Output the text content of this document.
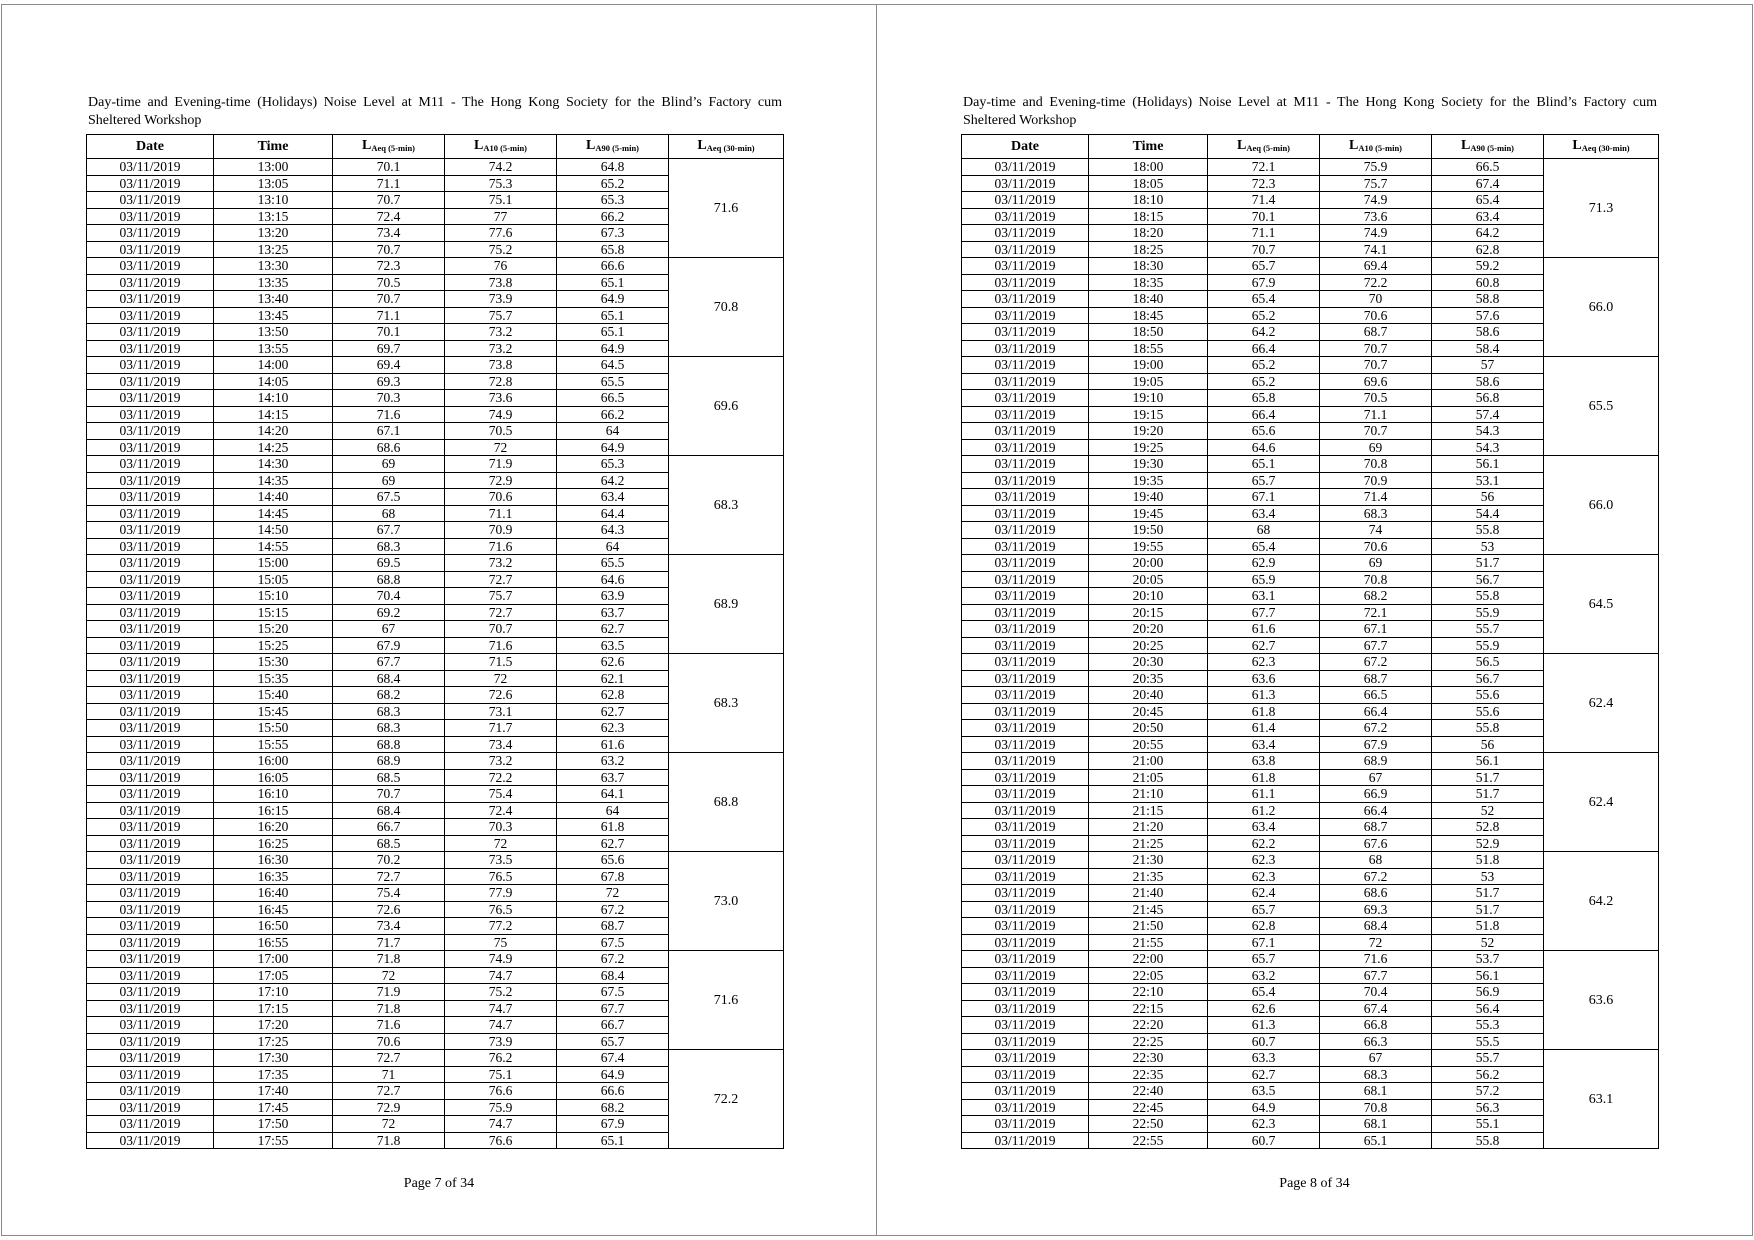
Day-time and Evening-time (Holidays) Noise Level at M11 - The Hong Kong Society for the Blind’s Factory cum
Sheltered Workshop
Date	Time	$L_{Aeq (5-min)}$	$L_{A10 (5-min)}$	$L_{A90 (5-min)}$	$L_{Aeq (30-min)}$
03/11/2019	13:00	70.1	74.2	64.8	71.6
03/11/2019	13:05	71.1	75.3	65.2	
03/11/2019	13:10	70.7	75.1	65.3	
03/11/2019	13:15	72.4	77	66.2	
03/11/2019	13:20	73.4	77.6	67.3	
03/11/2019	13:25	70.7	75.2	65.8	
03/11/2019	13:30	72.3	76	66.6	70.8
03/11/2019	13:35	70.5	73.8	65.1	
03/11/2019	13:40	70.7	73.9	64.9	
03/11/2019	13:45	71.1	75.7	65.1	
03/11/2019	13:50	70.1	73.2	65.1	
03/11/2019	13:55	69.7	73.2	64.9	
03/11/2019	14:00	69.4	73.8	64.5	69.6
03/11/2019	14:05	69.3	72.8	65.5	
03/11/2019	14:10	70.3	73.6	66.5	
03/11/2019	14:15	71.6	74.9	66.2	
03/11/2019	14:20	67.1	70.5	64	
03/11/2019	14:25	68.6	72	64.9	
03/11/2019	14:30	69	71.9	65.3	68.3
03/11/2019	14:35	69	72.9	64.2	
03/11/2019	14:40	67.5	70.6	63.4	
03/11/2019	14:45	68	71.1	64.4	
03/11/2019	14:50	67.7	70.9	64.3	
03/11/2019	14:55	68.3	71.6	64	
03/11/2019	15:00	69.5	73.2	65.5	68.9
03/11/2019	15:05	68.8	72.7	64.6	
03/11/2019	15:10	70.4	75.7	63.9	
03/11/2019	15:15	69.2	72.7	63.7	
03/11/2019	15:20	67	70.7	62.7	
03/11/2019	15:25	67.9	71.6	63.5	
03/11/2019	15:30	67.7	71.5	62.6	68.3
03/11/2019	15:35	68.4	72	62.1	
03/11/2019	15:40	68.2	72.6	62.8	
03/11/2019	15:45	68.3	73.1	62.7	
03/11/2019	15:50	68.3	71.7	62.3	
03/11/2019	15:55	68.8	73.4	61.6	
03/11/2019	16:00	68.9	73.2	63.2	68.8
03/11/2019	16:05	68.5	72.2	63.7	
03/11/2019	16:10	70.7	75.4	64.1	
03/11/2019	16:15	68.4	72.4	64	
03/11/2019	16:20	66.7	70.3	61.8	
03/11/2019	16:25	68.5	72	62.7	
03/11/2019	16:30	70.2	73.5	65.6	73.0
03/11/2019	16:35	72.7	76.5	67.8	
03/11/2019	16:40	75.4	77.9	72	
03/11/2019	16:45	72.6	76.5	67.2	
03/11/2019	16:50	73.4	77.2	68.7	
03/11/2019	16:55	71.7	75	67.5	
03/11/2019	17:00	71.8	74.9	67.2	71.6
03/11/2019	17:05	72	74.7	68.4	
03/11/2019	17:10	71.9	75.2	67.5	
03/11/2019	17:15	71.8	74.7	67.7	
03/11/2019	17:20	71.6	74.7	66.7	
03/11/2019	17:25	70.6	73.9	65.7	
03/11/2019	17:30	72.7	76.2	67.4	72.2
03/11/2019	17:35	71	75.1	64.9	
03/11/2019	17:40	72.7	76.6	66.6	
03/11/2019	17:45	72.9	75.9	68.2	
03/11/2019	17:50	72	74.7	67.9	
03/11/2019	17:55	71.8	76.6	65.1	
Page 7 of 34
Day-time and Evening-time (Holidays) Noise Level at M11 - The Hong Kong Society for the Blind’s Factory cum
Sheltered Workshop
Date	Time	$L_{Aeq (5-min)}$	$L_{A10 (5-min)}$	$L_{A90 (5-min)}$	$L_{Aeq (30-min)}$
03/11/2019	18:00	72.1	75.9	66.5	71.3
03/11/2019	18:05	72.3	75.7	67.4	
03/11/2019	18:10	71.4	74.9	65.4	
03/11/2019	18:15	70.1	73.6	63.4	
03/11/2019	18:20	71.1	74.9	64.2	
03/11/2019	18:25	70.7	74.1	62.8	
03/11/2019	18:30	65.7	69.4	59.2	66.0
03/11/2019	18:35	67.9	72.2	60.8	
03/11/2019	18:40	65.4	70	58.8	
03/11/2019	18:45	65.2	70.6	57.6	
03/11/2019	18:50	64.2	68.7	58.6	
03/11/2019	18:55	66.4	70.7	58.4	
03/11/2019	19:00	65.2	70.7	57	65.5
03/11/2019	19:05	65.2	69.6	58.6	
03/11/2019	19:10	65.8	70.5	56.8	
03/11/2019	19:15	66.4	71.1	57.4	
03/11/2019	19:20	65.6	70.7	54.3	
03/11/2019	19:25	64.6	69	54.3	
03/11/2019	19:30	65.1	70.8	56.1	66.0
03/11/2019	19:35	65.7	70.9	53.1	
03/11/2019	19:40	67.1	71.4	56	
03/11/2019	19:45	63.4	68.3	54.4	
03/11/2019	19:50	68	74	55.8	
03/11/2019	19:55	65.4	70.6	53	
03/11/2019	20:00	62.9	69	51.7	64.5
03/11/2019	20:05	65.9	70.8	56.7	
03/11/2019	20:10	63.1	68.2	55.8	
03/11/2019	20:15	67.7	72.1	55.9	
03/11/2019	20:20	61.6	67.1	55.7	
03/11/2019	20:25	62.7	67.7	55.9	
03/11/2019	20:30	62.3	67.2	56.5	62.4
03/11/2019	20:35	63.6	68.7	56.7	
03/11/2019	20:40	61.3	66.5	55.6	
03/11/2019	20:45	61.8	66.4	55.6	
03/11/2019	20:50	61.4	67.2	55.8	
03/11/2019	20:55	63.4	67.9	56	
03/11/2019	21:00	63.8	68.9	56.1	62.4
03/11/2019	21:05	61.8	67	51.7	
03/11/2019	21:10	61.1	66.9	51.7	
03/11/2019	21:15	61.2	66.4	52	
03/11/2019	21:20	63.4	68.7	52.8	
03/11/2019	21:25	62.2	67.6	52.9	
03/11/2019	21:30	62.3	68	51.8	64.2
03/11/2019	21:35	62.3	67.2	53	
03/11/2019	21:40	62.4	68.6	51.7	
03/11/2019	21:45	65.7	69.3	51.7	
03/11/2019	21:50	62.8	68.4	51.8	
03/11/2019	21:55	67.1	72	52	
03/11/2019	22:00	65.7	71.6	53.7	63.6
03/11/2019	22:05	63.2	67.7	56.1	
03/11/2019	22:10	65.4	70.4	56.9	
03/11/2019	22:15	62.6	67.4	56.4	
03/11/2019	22:20	61.3	66.8	55.3	
03/11/2019	22:25	60.7	66.3	55.5	
03/11/2019	22:30	63.3	67	55.7	63.1
03/11/2019	22:35	62.7	68.3	56.2	
03/11/2019	22:40	63.5	68.1	57.2	
03/11/2019	22:45	64.9	70.8	56.3	
03/11/2019	22:50	62.3	68.1	55.1	
03/11/2019	22:55	60.7	65.1	55.8	
Page 8 of 34
